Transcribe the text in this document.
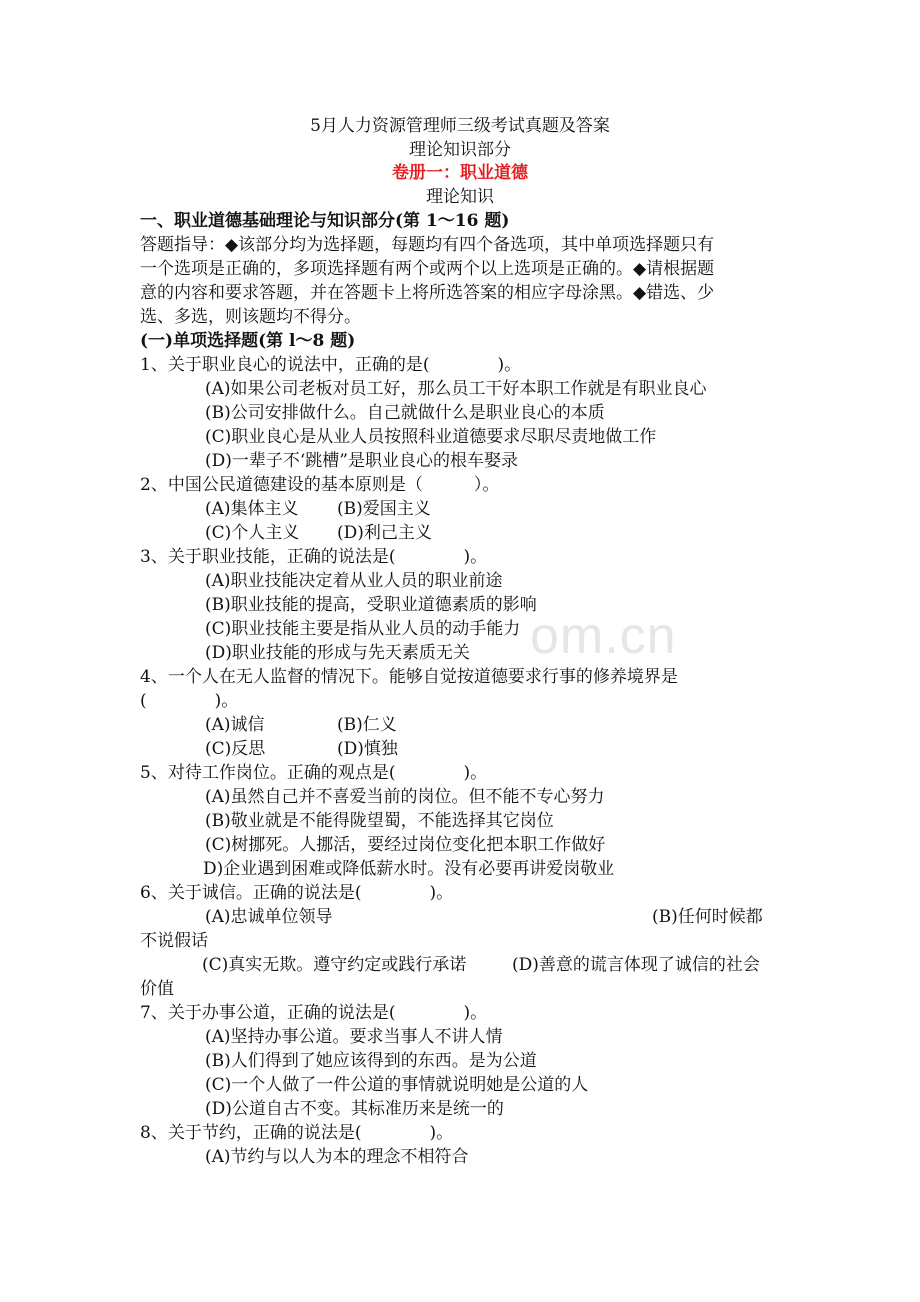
5月人力资源管理师三级考试真题及答案
理论知识部分
卷册一：职业道德
理论知识
一、职业道德基础理论与知识部分(第 1～16 题)
答题指导：◆该部分均为选择题，每题均有四个备选项，其中单项选择题只有
一个选项是正确的，多项选择题有两个或两个以上选项是正确的。◆请根据题
意的内容和要求答题，并在答题卡上将所选答案的相应字母涂黑。◆错选、少
选、多选，则该题均不得分。
(一)单项选择题(第 l～8 题)
1、关于职业良心的说法中，正确的是(　　　　)。
(A)如果公司老板对员工好，那么员工干好本职工作就是有职业良心
(B)公司安排做什么。自己就做什么是职业良心的本质
(C)职业良心是从业人员按照科业道德要求尽职尽责地做工作
(D)一辈子不‘跳槽”是职业良心的根车娶录
2、中国公民道德建设的基本原则是（　　　）。
(A)集体主义 (B)爱国主义
(C)个人主义 (D)利己主义
3、关于职业技能，正确的说法是(　　　　)。
(A)职业技能决定着从业人员的职业前途
(B)职业技能的提高，受职业道德素质的影响
(C)职业技能主要是指从业人员的动手能力
(D)职业技能的形成与先天素质无关
4、一个人在无人监督的情况下。能够自觉按道德要求行事的修养境界是
(　　　　)。
(A)诚信	(B)仁义
(C)反思	(D)慎独
5、对待工作岗位。正确的观点是(　　　　)。
(A)虽然自己并不喜爱当前的岗位。但不能不专心努力
(B)敬业就是不能得陇望蜀，不能选择其它岗位
(C)树挪死。人挪活，要经过岗位变化把本职工作做好
D)企业遇到困难或降低薪水时。没有必要再讲爱岗敬业
6、关于诚信。正确的说法是(　　　　)。
(A)忠诚单位领导	(B)任何时候都
不说假话
(C)真实无欺。遵守约定或践行承诺	(D)善意的谎言体现了诚信的社会
价值
7、关于办事公道，正确的说法是(　　　　)。
(A)坚持办事公道。要求当事人不讲人情
(B)人们得到了她应该得到的东西。是为公道
(C)一个人做了一件公道的事情就说明她是公道的人
(D)公道自古不变。其标准历来是统一的
8、关于节约，正确的说法是(　　　　)。
(A)节约与以人为本的理念不相符合
om.cn
